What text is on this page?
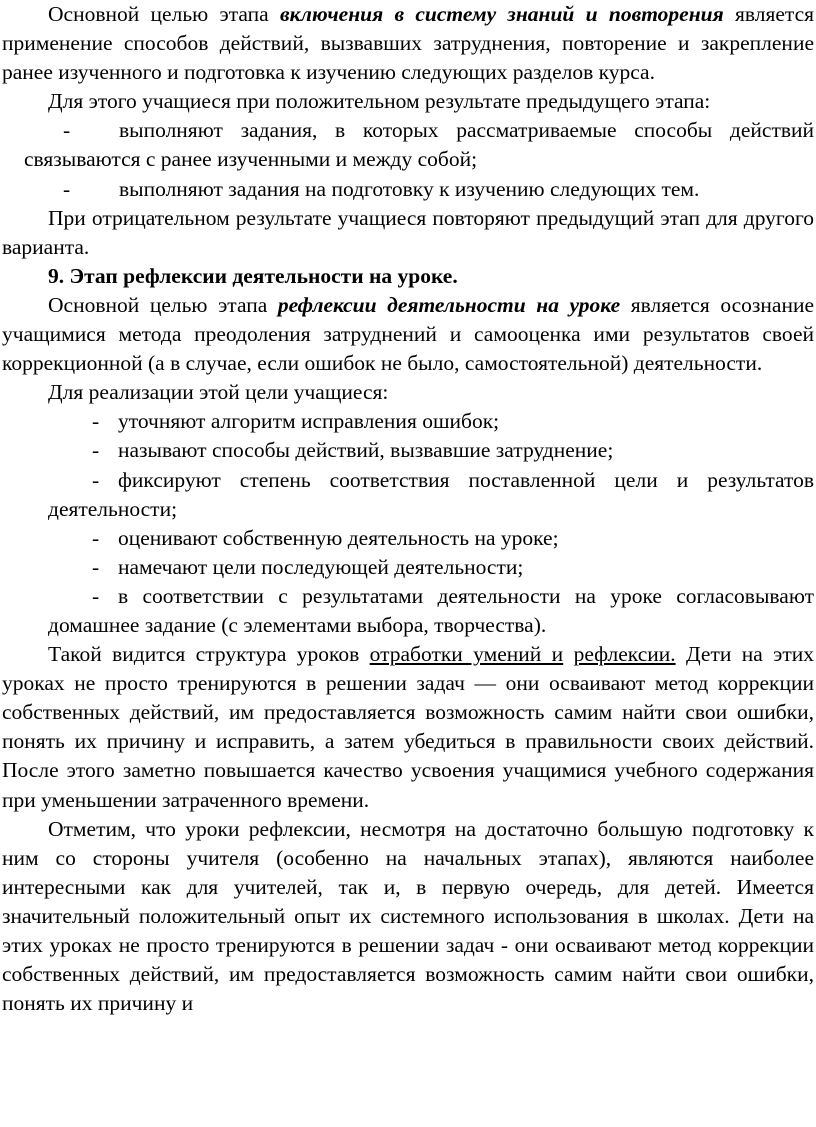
Основной целью этапа включения в систему знаний и повторения является применение способов действий, вызвавших затруднения, повторение и закрепление ранее изученного и подготовка к изучению следующих разделов курса.

Для этого учащиеся при положительном результате предыдущего этапа:

- выполняют задания, в которых рассматриваемые способы действий связываются с ранее изученными и между собой;

- выполняют задания на подготовку к изучению следующих тем.

При отрицательном результате учащиеся повторяют предыдущий этап для другого варианта.

9. Этап рефлексии деятельности на уроке.

Основной целью этапа рефлексии деятельности на уроке является осознание учащимися метода преодоления затруднений и самооценка ими результатов своей коррекционной (а в случае, если ошибок не было, самостоятельной) деятельности.

Для реализации этой цели учащиеся:

- уточняют алгоритм исправления ошибок;

- называют способы действий, вызвавшие затруднение;

- фиксируют степень соответствия поставленной цели и результатов деятельности;

- оценивают собственную деятельность на уроке;

- намечают цели последующей деятельности;

- в соответствии с результатами деятельности на уроке согласовывают домашнее задание (с элементами выбора, творчества).

Такой видится структура уроков отработки умений и рефлексии. Дети на этих уроках не просто тренируются в решении задач — они осваивают метод коррекции собственных действий, им предоставляется возможность самим найти свои ошибки, понять их причину и исправить, а затем убедиться в правильности своих действий. После этого заметно повышается качество усвоения учащимися учебного содержания при уменьшении затраченного времени.

Отметим, что уроки рефлексии, несмотря на достаточно большую подготовку к ним со стороны учителя (особенно на начальных этапах), являются наиболее интересными как для учителей, так и, в первую очередь, для детей. Имеется значительный положительный опыт их системного использования в школах. Дети на этих уроках не просто тренируются в решении задач - они осваивают метод коррекции собственных действий, им предоставляется возможность самим найти свои ошибки, понять их причину и
